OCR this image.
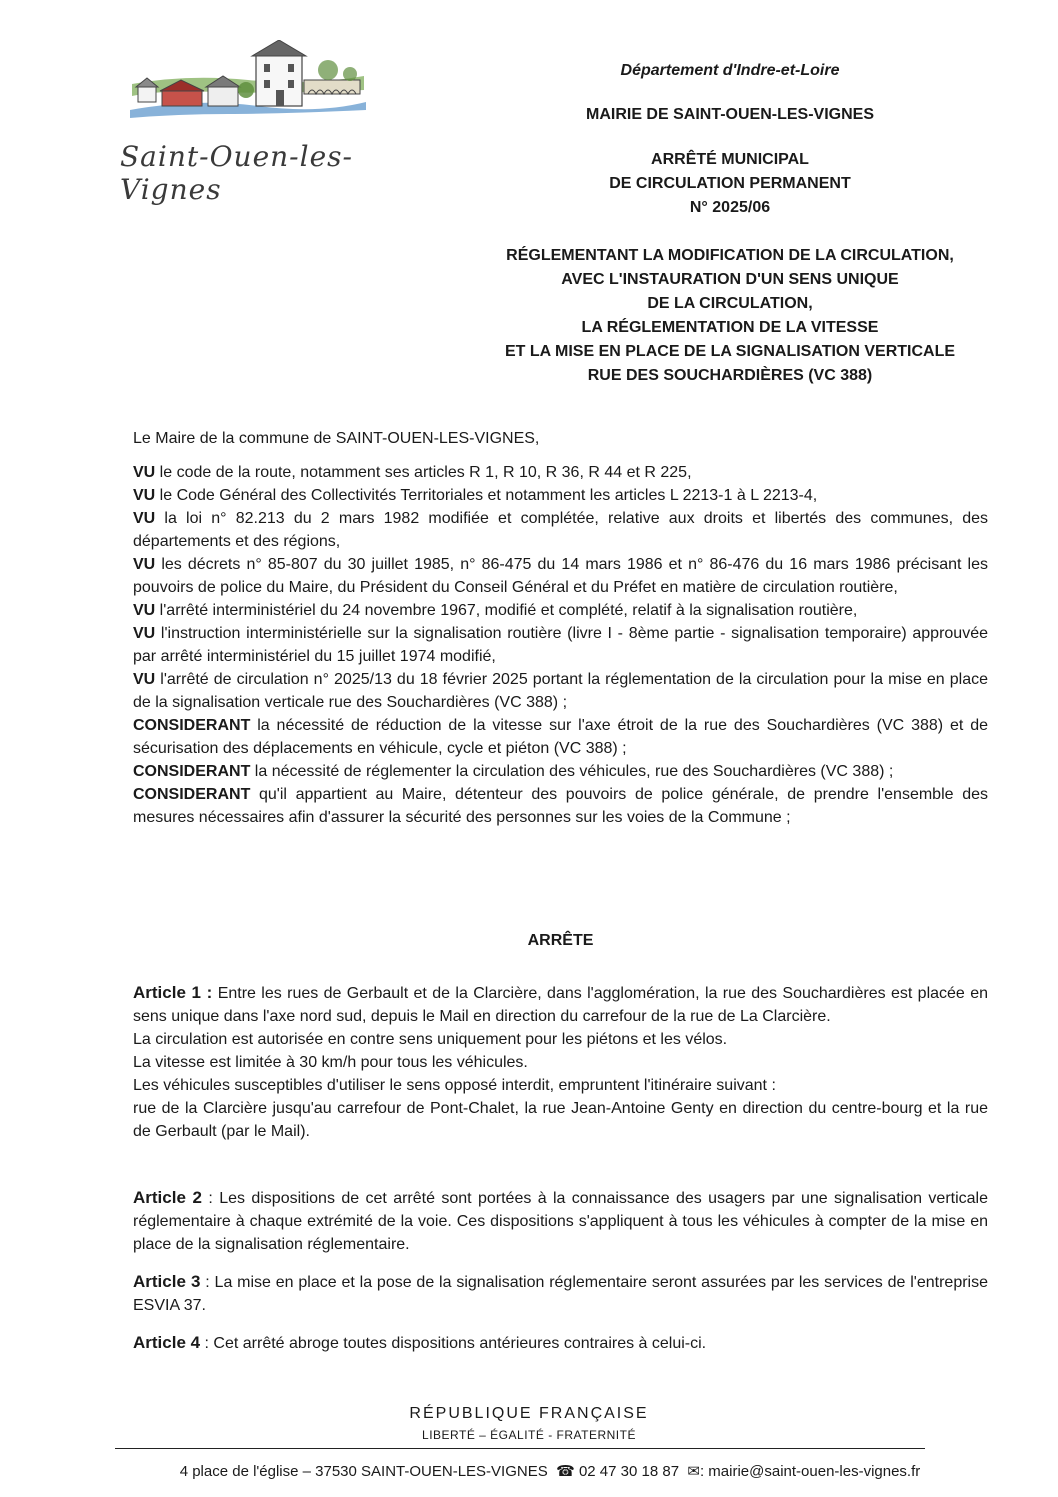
Saint-Ouen-les-Vignes
Département d'Indre-et-Loire
MAIRIE DE SAINT-OUEN-LES-VIGNES
ARRÊTÉ MUNICIPAL
DE CIRCULATION PERMANENT
N° 2025/06
RÉGLEMENTANT LA MODIFICATION DE LA CIRCULATION,
AVEC L'INSTAURATION D'UN SENS UNIQUE
DE LA CIRCULATION,
LA RÉGLEMENTATION DE LA VITESSE
ET LA MISE EN PLACE DE LA SIGNALISATION VERTICALE
RUE DES SOUCHARDIÈRES (VC 388)
Le Maire de la commune de SAINT-OUEN-LES-VIGNES,

VU le code de la route, notamment ses articles R 1, R 10, R 36, R 44 et R 225,

VU le Code Général des Collectivités Territoriales et notamment les articles L 2213-1 à L 2213-4,

VU la loi n° 82.213 du 2 mars 1982 modifiée et complétée, relative aux droits et libertés des communes, des départements et des régions,

VU les décrets n° 85-807 du 30 juillet 1985, n° 86-475 du 14 mars 1986 et n° 86-476 du 16 mars 1986 précisant les pouvoirs de police du Maire, du Président du Conseil Général et du Préfet en matière de circulation routière,

VU l'arrêté interministériel du 24 novembre 1967, modifié et complété, relatif à la signalisation routière,

VU l'instruction interministérielle sur la signalisation routière (livre I - 8ème partie - signalisation temporaire) approuvée par arrêté interministériel du 15 juillet 1974 modifié,

VU l'arrêté de circulation n° 2025/13 du 18 février 2025 portant la réglementation de la circulation pour la mise en place de la signalisation verticale rue des Souchardières (VC 388) ;

CONSIDERANT la nécessité de réduction de la vitesse sur l'axe étroit de la rue des Souchardières (VC 388) et de sécurisation des déplacements en véhicule, cycle et piéton (VC 388) ;

CONSIDERANT la nécessité de réglementer la circulation des véhicules, rue des Souchardières (VC 388) ;

CONSIDERANT qu'il appartient au Maire, détenteur des pouvoirs de police générale, de prendre l'ensemble des mesures nécessaires afin d'assurer la sécurité des personnes sur les voies de la Commune ;

ARRÊTE

Article 1 : Entre les rues de Gerbault et de la Clarcière, dans l'agglomération, la rue des Souchardières est placée en sens unique dans l'axe nord sud, depuis le Mail en direction du carrefour de la rue de La Clarcière.

La circulation est autorisée en contre sens uniquement pour les piétons et les vélos.

La vitesse est limitée à 30 km/h pour tous les véhicules.

Les véhicules susceptibles d'utiliser le sens opposé interdit, empruntent l'itinéraire suivant :

rue de la Clarcière jusqu'au carrefour de Pont-Chalet, la rue Jean-Antoine Genty en direction du centre-bourg et la rue de Gerbault (par le Mail).

Article 2 : Les dispositions de cet arrêté sont portées à la connaissance des usagers par une signalisation verticale réglementaire à chaque extrémité de la voie. Ces dispositions s'appliquent à tous les véhicules à compter de la mise en place de la signalisation réglementaire.

Article 3 : La mise en place et la pose de la signalisation réglementaire seront assurées par les services de l'entreprise ESVIA 37.

Article 4 : Cet arrêté abroge toutes dispositions antérieures contraires à celui-ci.

RÉPUBLIQUE FRANÇAISE
LIBERTÉ – ÉGALITÉ - FRATERNITÉ
4 place de l'église – 37530 SAINT-OUEN-LES-VIGNES  ☎ 02 47 30 18 87  ✉: mairie@saint-ouen-les-vignes.fr
